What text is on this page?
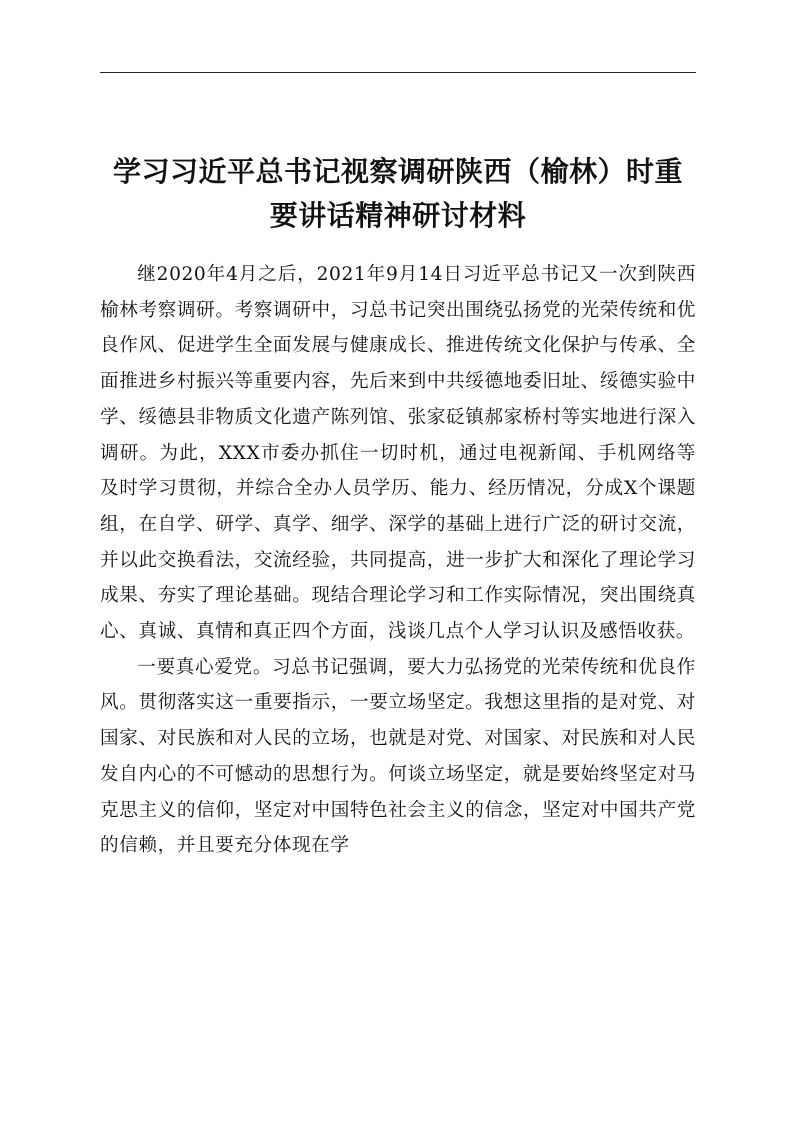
学习习近平总书记视察调研陕西（榆林）时重
要讲话精神研讨材料

继2020年4月之后，2021年9月14日习近平总书记又一次到陕西榆林考察调研。考察调研中，习总书记突出围绕弘扬党的光荣传统和优良作风、促进学生全面发展与健康成长、推进传统文化保护与传承、全面推进乡村振兴等重要内容，先后来到中共绥德地委旧址、绥德实验中学、绥德县非物质文化遗产陈列馆、张家砭镇郝家桥村等实地进行深入调研。为此，XXX市委办抓住一切时机，通过电视新闻、手机网络等及时学习贯彻，并综合全办人员学历、能力、经历情况，分成X个课题组，在自学、研学、真学、细学、深学的基础上进行广泛的研讨交流，并以此交换看法，交流经验，共同提高，进一步扩大和深化了理论学习成果、夯实了理论基础。现结合理论学习和工作实际情况，突出围绕真心、真诚、真情和真正四个方面，浅谈几点个人学习认识及感悟收获。

一要真心爱党。习总书记强调，要大力弘扬党的光荣传统和优良作风。贯彻落实这一重要指示，一要立场坚定。我想这里指的是对党、对国家、对民族和对人民的立场，也就是对党、对国家、对民族和对人民发自内心的不可憾动的思想行为。何谈立场坚定，就是要始终坚定对马克思主义的信仰，坚定对中国特色社会主义的信念，坚定对中国共产党的信赖，并且要充分体现在学
